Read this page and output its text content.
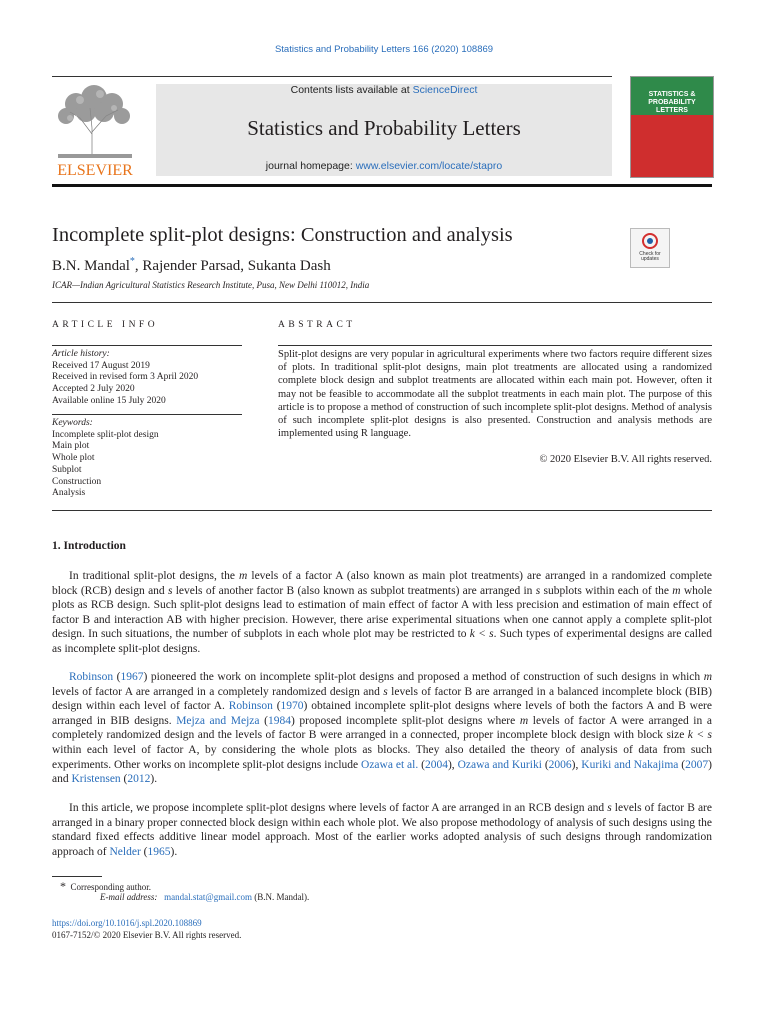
Statistics and Probability Letters 166 (2020) 108869
ELSEVIER
Contents lists available at ScienceDirect
Statistics and Probability Letters
journal homepage: www.elsevier.com/locate/stapro
STATISTICS &
PROBABILITY
LETTERS
Incomplete split-plot designs: Construction and analysis
B.N. Mandal*, Rajender Parsad, Sukanta Dash
ICAR—Indian Agricultural Statistics Research Institute, Pusa, New Delhi 110012, India
Check for
updates
ARTICLE INFO
Article history:
Received 17 August 2019
Received in revised form 3 April 2020
Accepted 2 July 2020
Available online 15 July 2020
Keywords:
Incomplete split-plot design
Main plot
Whole plot
Subplot
Construction
Analysis
ABSTRACT
Split-plot designs are very popular in agricultural experiments where two factors require different sizes of plots. In traditional split-plot designs, main plot treatments are allocated using a randomized complete block design and subplot treatments are allocated within each main pot. However, often it may not be feasible to accommodate all the subplot treatments in each main plot. The purpose of this article is to propose a method of construction of such incomplete split-plot designs. Method of analysis of such incomplete split-plot designs is also presented. Construction and analysis methods are implemented using R language.
© 2020 Elsevier B.V. All rights reserved.
1. Introduction
In traditional split-plot designs, the m levels of a factor A (also known as main plot treatments) are arranged in a randomized complete block (RCB) design and s levels of another factor B (also known as subplot treatments) are arranged in s subplots within each of the m whole plots as RCB design. Such split-plot designs lead to estimation of main effect of factor A with less precision and estimation of main effect of factor B and interaction AB with higher precision. However, there arise experimental situations when one cannot apply a complete split-plot design. In such situations, the number of subplots in each whole plot may be restricted to k < s. Such types of experimental designs are called as incomplete split-plot designs.
Robinson (1967) pioneered the work on incomplete split-plot designs and proposed a method of construction of such designs in which m levels of factor A are arranged in a completely randomized design and s levels of factor B are arranged in a balanced incomplete block (BIB) design within each level of factor A. Robinson (1970) obtained incomplete split-plot designs where levels of both the factors A and B were arranged in BIB designs. Mejza and Mejza (1984) proposed incomplete split-plot designs where m levels of factor A were arranged in a completely randomized design and the levels of factor B were arranged in a connected, proper incomplete block design with block size k < s within each level of factor A, by considering the whole plots as blocks. They also detailed the theory of analysis of data from such experiments. Other works on incomplete split-plot designs include Ozawa et al. (2004), Ozawa and Kuriki (2006), Kuriki and Nakajima (2007) and Kristensen (2012).
In this article, we propose incomplete split-plot designs where levels of factor A are arranged in an RCB design and s levels of factor B are arranged in a binary proper connected block design within each whole plot. We also propose methodology of analysis of such designs using the standard fixed effects additive linear model approach. Most of the earlier works adopted analysis of such designs through randomization approach of Nelder (1965).
* Corresponding author.
E-mail address: mandal.stat@gmail.com (B.N. Mandal).
https://doi.org/10.1016/j.spl.2020.108869
0167-7152/© 2020 Elsevier B.V. All rights reserved.
